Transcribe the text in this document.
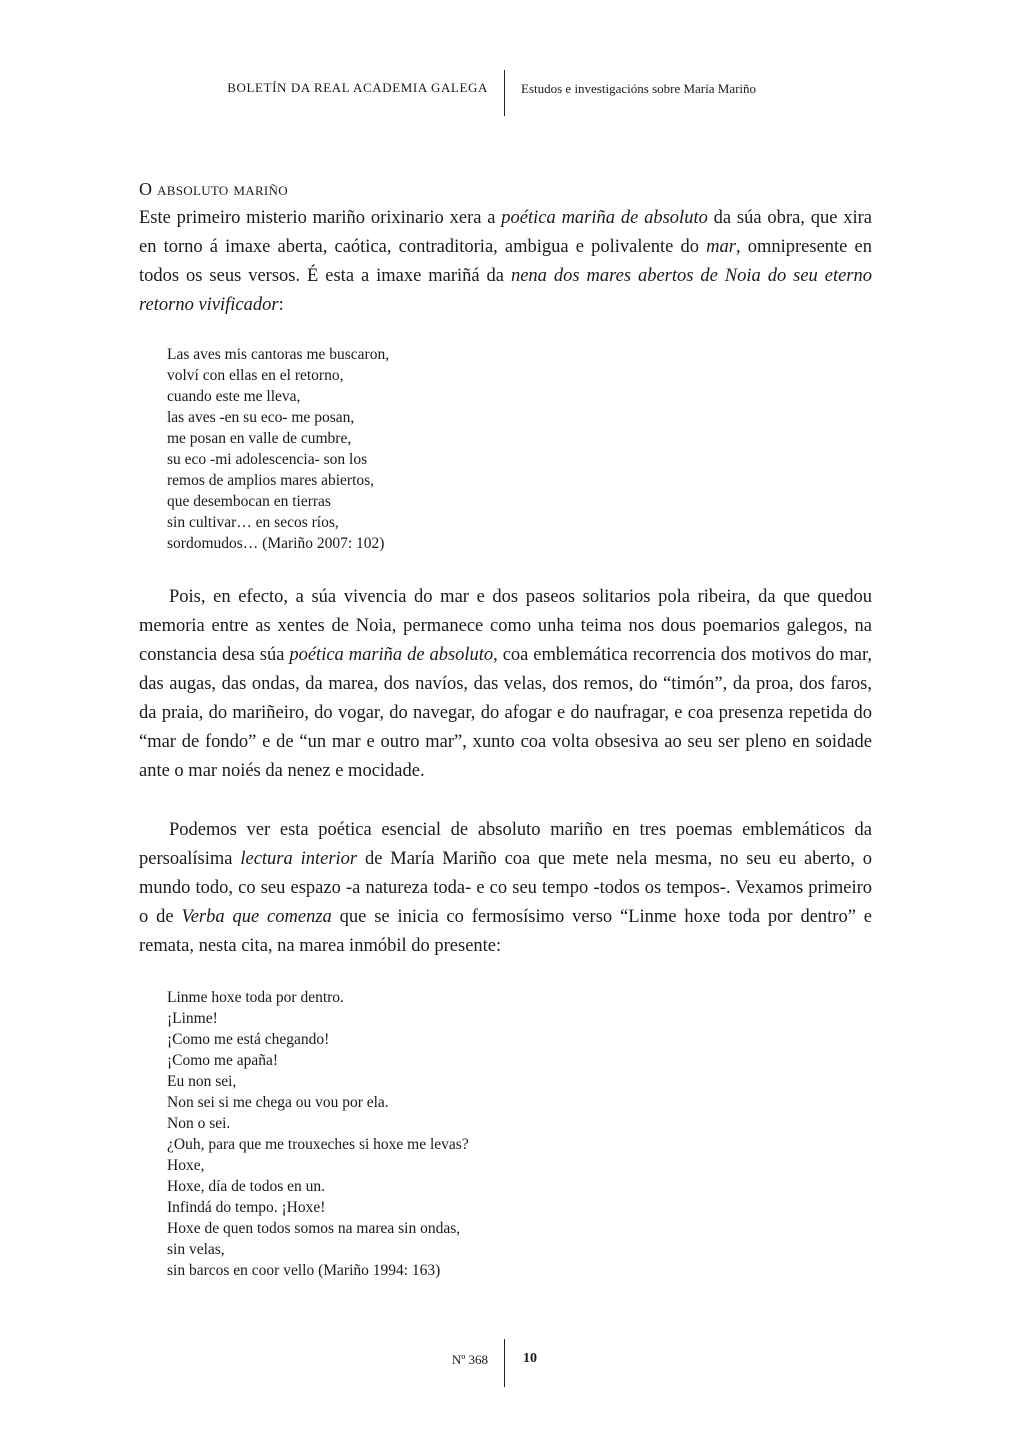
BOLETÍN DA REAL ACADEMIA GALEGA	Estudos e investigacións sobre María Mariño
O absoluto mariño

Este primeiro misterio mariño orixinario xera a poética mariña de absoluto da súa obra, que xira en torno á imaxe aberta, caótica, contraditoria, ambigua e polivalente do mar, omnipresente en todos os seus versos. É esta a imaxe mariñá da nena dos mares abertos de Noia do seu eterno retorno vivificador:

Las aves mis cantoras me buscaron,
volví con ellas en el retorno,
cuando este me lleva,
las aves -en su eco- me posan,
me posan en valle de cumbre,
su eco -mi adolescencia- son los
remos de amplios mares abiertos,
que desembocan en tierras
sin cultivar… en secos ríos,
sordomudos… (Mariño 2007: 102)

Pois, en efecto, a súa vivencia do mar e dos paseos solitarios pola ribeira, da que quedou memoria entre as xentes de Noia, permanece como unha teima nos dous poemarios galegos, na constancia desa súa poética mariña de absoluto, coa emblemática recorrencia dos motivos do mar, das augas, das ondas, da marea, dos navíos, das velas, dos remos, do “timón”, da proa, dos faros, da praia, do mariñeiro, do vogar, do navegar, do afogar e do naufragar, e coa presenza repetida do “mar de fondo” e de “un mar e outro mar”, xunto coa volta obsesiva ao seu ser pleno en soidade ante o mar noiés da nenez e mocidade.

Podemos ver esta poética esencial de absoluto mariño en tres poemas emblemáticos da persoalísima lectura interior de María Mariño coa que mete nela mesma, no seu eu aberto, o mundo todo, co seu espazo -a natureza toda- e co seu tempo -todos os tempos-. Vexamos primeiro o de Verba que comenza que se inicia co fermosísimo verso “Linme hoxe toda por dentro” e remata, nesta cita, na marea inmóbil do presente:

Linme hoxe toda por dentro.
¡Linme!
¡Como me está chegando!
¡Como me apaña!
Eu non sei,
Non sei si me chega ou vou por ela.
Non o sei.
¿Ouh, para que me trouxeches si hoxe me levas?
Hoxe,
Hoxe, día de todos en un.
Infindá do tempo. ¡Hoxe!
Hoxe de quen todos somos na marea sin ondas,
sin velas,
sin barcos en coor vello (Mariño 1994: 163)
Nº 368	10
